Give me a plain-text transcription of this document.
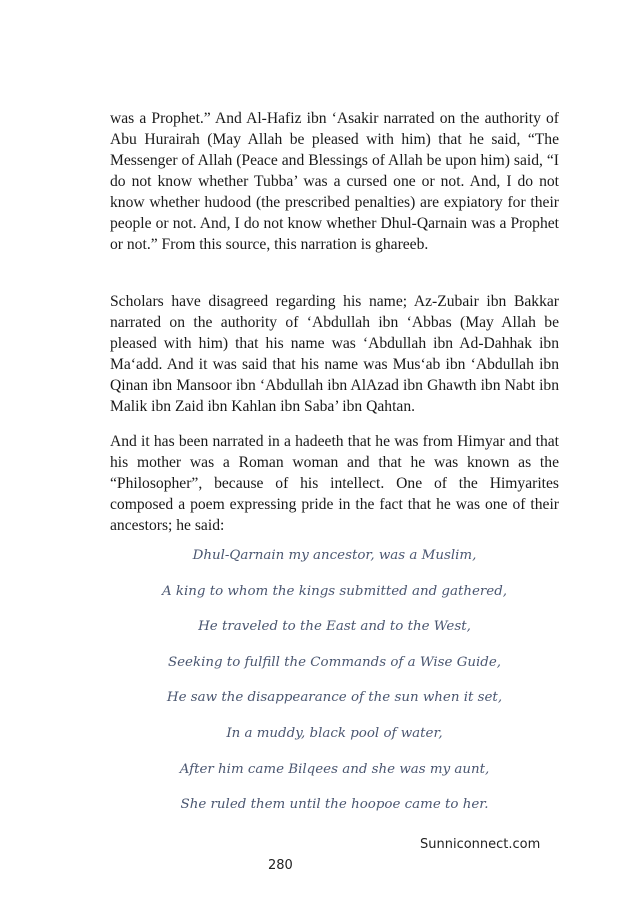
was a Prophet.” And Al-Hafiz ibn ‘Asakir narrated on the authority of Abu Hurairah (May Allah be pleased with him) that he said, “The Messenger of Allah (Peace and Blessings of Allah be upon him) said, “I do not know whether Tubba’ was a cursed one or not. And, I do not know whether hudood (the prescribed penalties) are expiatory for their people or not. And, I do not know whether Dhul-Qarnain was a Prophet or not.” From this source, this narration is ghareeb.

Scholars have disagreed regarding his name; Az-Zubair ibn Bakkar narrated on the authority of ‘Abdullah ibn ‘Abbas (May Allah be pleased with him) that his name was ‘Abdullah ibn Ad-Dahhak ibn Ma‘add. And it was said that his name was Mus‘ab ibn ‘Abdullah ibn Qinan ibn Mansoor ibn ‘Abdullah ibn AlAzad ibn Ghawth ibn Nabt ibn Malik ibn Zaid ibn Kahlan ibn Saba’ ibn Qahtan.

And it has been narrated in a hadeeth that he was from Himyar and that his mother was a Roman woman and that he was known as the “Philosopher”, because of his intellect. One of the Himyarites composed a poem expressing pride in the fact that he was one of their ancestors; he said:

Dhul-Qarnain my ancestor, was a Muslim,

A king to whom the kings submitted and gathered,

He traveled to the East and to the West,

Seeking to fulfill the Commands of a Wise Guide,

He saw the disappearance of the sun when it set,

In a muddy, black pool of water,

After him came Bilqees and she was my aunt,

She ruled them until the hoopoe came to her.

Sunniconnect.com
280
